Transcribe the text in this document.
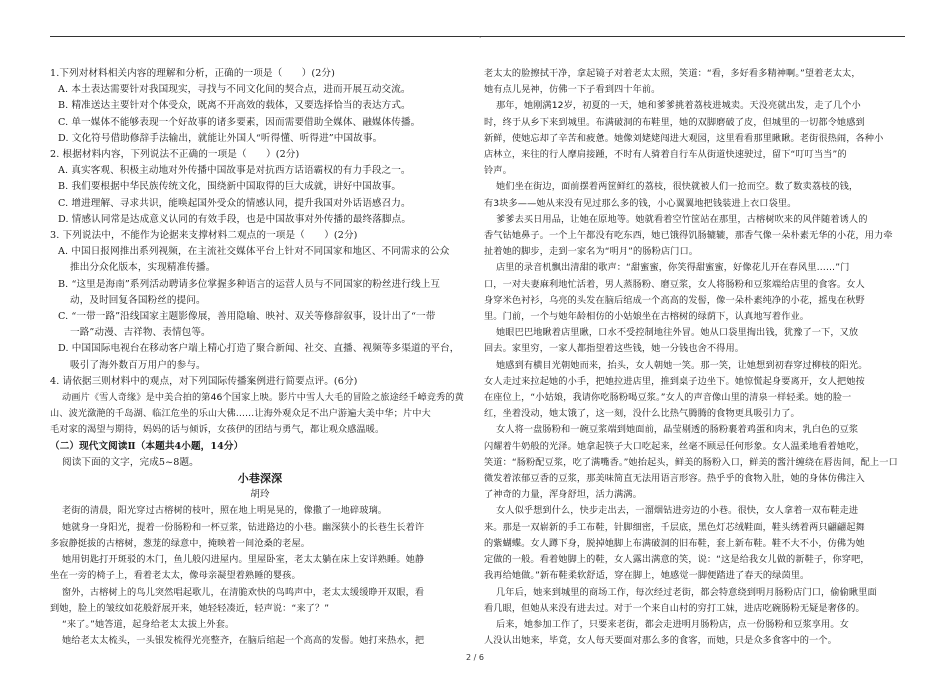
`

1.下列对材料相关内容的理解和分析，正确的一项是（　　）(2分)

A. 本土表达需要针对我国现实，寻找与不同文化间的契合点，进而开展互动交流。

B. 精准送达主要针对个体受众，既离不开高效的载体，又要选择恰当的表达方式。

C. 单一媒体不能够表现一个好故事的诸多要素，因而需要借助全媒体、融媒体传播。

D. 文化符号借助修辞手法输出，就能让外国人“听得懂、听得进”中国故事。

2. 根据材料内容，下列说法不正确的一项是（　　）(2分)

A. 真实客观、积极主动地对外传播中国故事是对抗西方话语霸权的有力手段之一。

B. 我们要根据中华民族传统文化，围绕新中国取得的巨大成就，讲好中国故事。

C. 增进理解、寻求共识，能唤起国外受众的情感认同，提升我国对外话语感召力。

D. 情感认同常是达成意义认同的有效手段，也是中国故事对外传播的最终落脚点。

3. 下列说法中，不能作为论据来支撑材料二观点的一项是（　　）(2分)

A. 中国日报网推出系列视频，在主流社交媒体平台上针对不同国家和地区、不同需求的公众

推出分众化版本，实现精准传播。

B. “这里是海南”系列活动聘请多位掌握多种语言的运营人员与不同国家的粉丝进行线上互

动，及时回复各国粉丝的提问。

C. “一带一路”沿线国家主题影像展，善用隐喻、映衬、双关等修辞叙事，设计出了“一带

一路”动漫、吉祥物、表情包等。

D. 中国国际电视台在移动客户端上精心打造了聚合新闻、社交、直播、视频等多渠道的平台，

吸引了海外数百万用户的参与。

4. 请依据三则材料中的观点，对下列国际传播案例进行简要点评。(6分)

动画片《雪人奇缘》是中美合拍的第46个国家上映。影片中雪人大毛的冒险之旅途经千嶂竞秀的黄

山、波光潋滟的千岛湖、临江危坐的乐山大佛……让海外观众足不出户游遍大美中华；片中大

毛对家的渴望与期待，妈妈的话与倾诉，女孩伊的团结与勇气，都让观众感温暖。

（二）现代文阅读Ⅱ（本题共4小题，14分）

阅读下面的文字，完成5~8题。

小巷深深

胡玲

老街的清晨，阳光穿过古榕树的枝叶，照在地上明晃晃的，像撒了一地碎玻璃。

她就身一身阳光，提着一份肠粉和一杯豆浆，钻进路边的小巷。幽深狭小的长巷生长着许

多寂静挺拔的古榕树，葱茏的绿意中，掩映着一间沧桑的老屋。

她用钥匙打开斑驳的木门，鱼儿般闪进屋内。里屋卧室，老太太躺在床上安详熟睡。她静

坐在一旁的椅子上，看着老太太，像母亲凝望着熟睡的婴孩。

窗外，古榕树上的鸟儿突然唱起歌儿，在清脆欢快的鸟鸣声中，老太太缓缓睁开双眼，看

到她，脸上的皱纹如花般舒展开来，她轻轻凑近，轻声说：“来了？”

“来了。”她答道，起身给老太太拔上外套。

她给老太太梳头，一头银发梳得光亮整齐，在脑后绾起一个高高的发髻。她打来热水，把

老太太的脸擦拭干净，拿起镜子对着老太太照，笑道：“看，多好看多精神啊。”望着老太太，

她有点儿晃神，仿佛一下子看到四十年前。

那年，她刚满12岁，初夏的一天，她和爹爹挑着荔枝进城卖。天没亮就出发，走了几个小

时，终于从乡下来到城里。布满破洞的布鞋里，她的双脚磨破了皮，但城里的一切都令她感到

新鲜，使她忘却了辛苦和疲惫。她像刘姥姥闯进大观园，这里看看那里瞅瞅。老街很热闹，各种小

店林立，来往的行人摩肩接踵，不时有人骑着自行车从街道快速驶过，留下“叮叮当当”的

铃声。

她们坐在街边，面前摆着两筐鲜红的荔枝，很快就被人们一抢而空。数了数卖荔枝的钱，

有3块多——她从来没有见过那么多的钱，小心翼翼地把钱装进上衣口袋里。

爹爹去买日用品，让她在原地等。她就看着空竹筐站在那里，古榕树吹来的风伴随着诱人的

香气钻她鼻子。一个上午都没有吃东西，她已饿得饥肠辘辘，那香气像一朵朴素无华的小花，用力牵

扯着她的脚步，走到一家名为“明月”的肠粉店门口。

店里的录音机飘出清甜的歌声：“甜蜜蜜，你笑得甜蜜蜜，好像花儿开在春风里……”门

口，一对夫妻麻利地忙活着，男人蒸肠粉、磨豆浆，女人将肠粉和豆浆端给店里的食客。女人

身穿米色衬衫，乌亮的头发在脑后绾成一个高高的发髻，像一朵朴素纯净的小花，摇曳在秋野

里。门前，一个与她年龄相仿的小姑娘坐在古榕树的绿荫下，认真地写着作业。

她眼巴巴地瞅着店里瞅，口水不受控制地往外冒。她从口袋里掏出钱，犹豫了一下，又放

回去。家里穷，一家人都指望着这些钱，她一分钱也舍不得用。

她感到有横目光朝她而来，抬头，女人朝她一笑。那一笑，让她想到初春穿过柳枝的阳光。

女人走过来拉起她的小手，把她拉进店里，推到桌子边坐下。她惊慌起身要离开，女人把她按

在座位上，“小姑娘，我请你吃肠粉喝豆浆。”女人的声音像山里的清泉一样轻柔。她的脸一

红，坐着没动，她太饿了，这一刻，没什么比热气腾腾的食物更具吸引力了。

女人将一盘肠粉和一碗豆浆端到她面前，晶莹剔透的肠粉裹着鸡蛋和肉末，乳白色的豆浆

闪耀着牛奶般的光泽。她拿起筷子大口吃起来，丝毫不顾忌任何形象。女人温柔地看着她吃，

笑道：“肠粉配豆浆，吃了满嘴香。”她抬起头，鲜美的肠粉入口，鲜美的酱汁缠绕在唇齿间，配上一口

微发着浓郁豆香的豆浆，那美味简直无法用语言形容。热乎乎的食物入肚，她的身体仿佛注入

了神奇的力量，浑身舒坦，活力满满。

女人似乎想到什么，快步走出去，一溜烟钻进旁边的小巷。很快，女人拿着一双布鞋走进

来。那是一双崭新的手工布鞋，针脚细密，千层底，黑色灯芯绒鞋面，鞋头绣着两只翩翩起舞

的紫蝴蝶。女人蹲下身，脱掉她脚上布满破洞的旧布鞋，套上新布鞋。鞋不大不小，仿佛为她

定做的一般。看着她脚上的鞋，女人露出满意的笑，说：“这是给我女儿做的新鞋子，你穿吧，

我再给她做。”新布鞋柔软舒适，穿在脚上，她感觉一脚便踏进了春天的绿茵里。

几年后，她来到城里的商场工作，每次经过老街，都会特意绕到明月肠粉店门口，偷偷瞅里面

看几眼，但她从来没有进去过。对于一个来自山村的穷打工妹，进店吃碗肠粉无疑是奢侈的。

后来，她参加工作了，只要来老街，都会走进明月肠粉店，点一份肠粉和豆浆享用。女

人没认出她来，毕竟，女人每天要面对那么多的食客，而她，只是众多食客中的一个。

2 / 6
